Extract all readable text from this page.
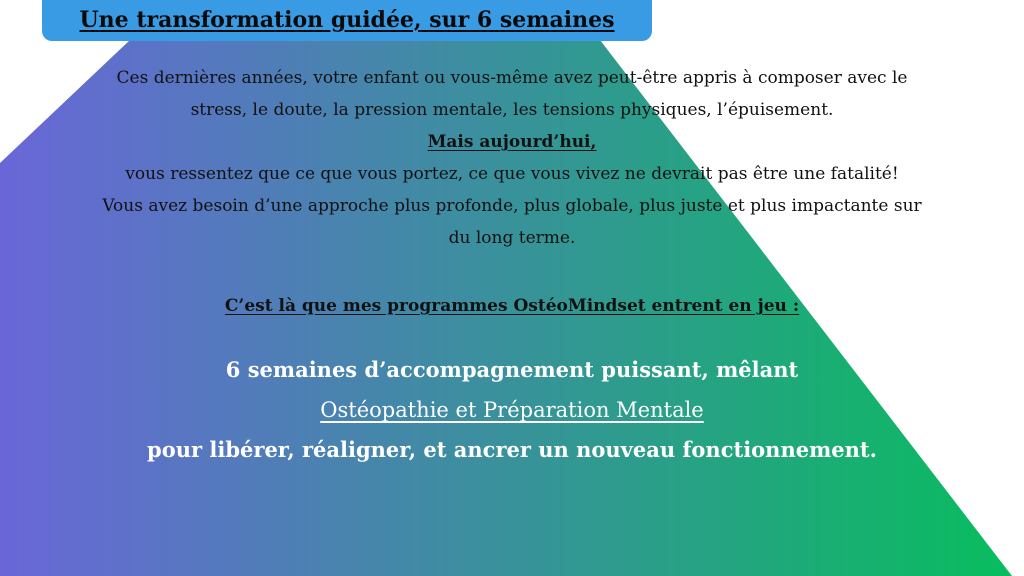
Une transformation guidée, sur 6 semaines

Ces dernières années, votre enfant ou vous-même avez peut-être appris à composer avec le

stress, le doute, la pression mentale, les tensions physiques, l’épuisement.

Mais aujourd’hui,

vous ressentez que ce que vous portez, ce que vous vivez ne devrait pas être une fatalité!

Vous avez besoin d’une approche plus profonde, plus globale, plus juste et plus impactante sur

du long terme.

C’est là que mes programmes OstéoMindset entrent en jeu :

6 semaines d’accompagnement puissant, mêlant

Ostéopathie et Préparation Mentale

pour libérer, réaligner, et ancrer un nouveau fonctionnement.
